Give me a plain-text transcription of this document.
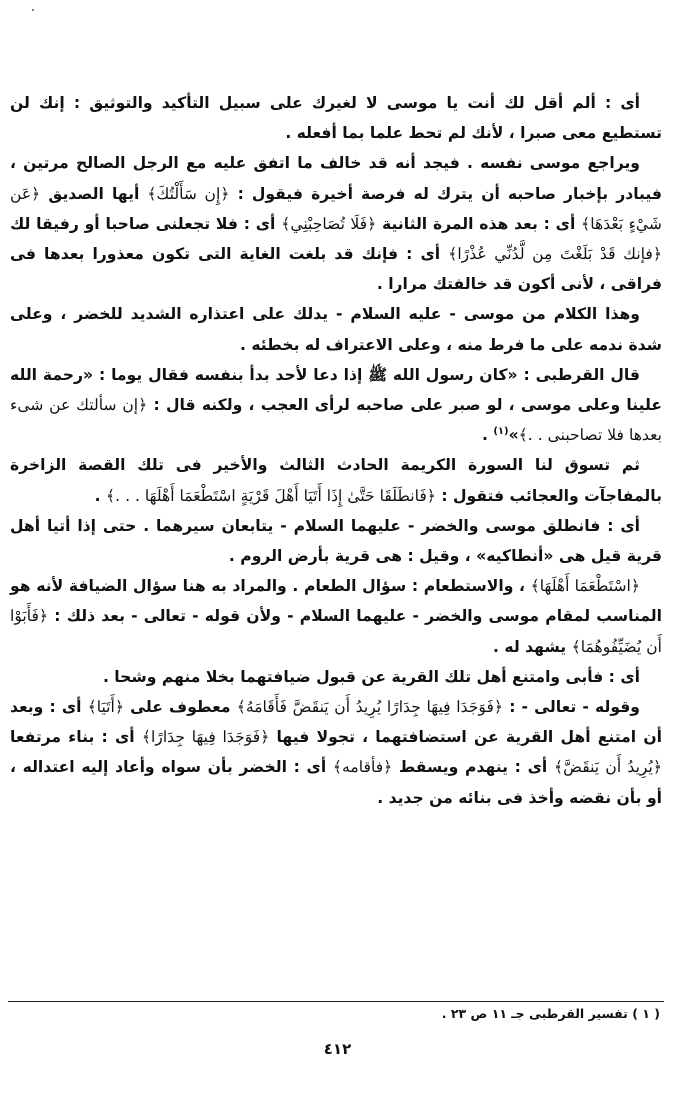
أى : ألم أقل لك أنت يا موسى لا لغيرك على سبيل التأكيد والتوثيق : إنك لن تستطيع معى صبرا ، لأنك لم تحط علما بما أفعله .

ويراجع موسى نفسه . فيجد أنه قد خالف ما اتفق عليه مع الرجل الصالح مرتين ، فيبادر بإخبار صاحبه أن يترك له فرصة أخيرة فيقول : ﴿إِن سَأَلْتُكَ﴾ أيها الصديق ﴿عَن شَيْءٍ بَعْدَهَا﴾ أى : بعد هذه المرة الثانية ﴿فَلَا تُصَاحِبْنِي﴾ أى : فلا تجعلنى صاحبا أو رفيقا لك ﴿فإنك قَدْ بَلَغْتَ مِن لَّدُنِّي عُذْرًا﴾ أى : فإنك قد بلغت الغاية التى تكون معذورا بعدها فى فراقى ، لأنى أكون قد خالفتك مرارا .

وهذا الكلام من موسى - عليه السلام - يدلك على اعتذاره الشديد للخضر ، وعلى شدة ندمه على ما فرط منه ، وعلى الاعتراف له بخطئه .

قال القرطبى : «كان رسول الله ﷺ إذا دعا لأحد بدأ بنفسه فقال يوما : «رحمة الله علينا وعلى موسى ، لو صبر على صاحبه لرأى العجب ، ولكنه قال : ﴿إن سألتك عن شىء بعدها فلا تصاحبنى . .﴾»$^{(١)}$ .

ثم تسوق لنا السورة الكريمة الحادث الثالث والأخير فى تلك القصة الزاخرة بالمفاجآت والعجائب فتقول : ﴿فَانطَلَقَا حَتَّىٰ إِذَا أَتَيَا أَهْلَ قَرْيَةٍ اسْتَطْعَمَا أَهْلَهَا . . .﴾ .

أى : فانطلق موسى والخضر - عليهما السلام - يتابعان سيرهما . حتى إذا أتيا أهل قرية قيل هى «أنطاكيه» ، وقيل : هى قرية بأرض الروم .

﴿اسْتَطْعَمَا أَهْلَهَا﴾ ، والاستطعام : سؤال الطعام . والمراد به هنا سؤال الضيافة لأنه هو المناسب لمقام موسى والخضر - عليهما السلام - ولأن قوله - تعالى - بعد ذلك : ﴿فَأَبَوْا أَن يُضَيِّفُوهُمَا﴾ يشهد له .

أى : فأبى وامتنع أهل تلك القرية عن قبول ضيافتهما بخلا منهم وشحا .

وقوله - تعالى - : ﴿فَوَجَدَا فِيهَا جِدَارًا يُرِيدُ أَن يَنقَضَّ فَأَقَامَهُ﴾ معطوف على ﴿أَتَيَا﴾ أى : وبعد أن امتنع أهل القرية عن استضافتهما ، تجولا فيها ﴿فَوَجَدَا فِيهَا جِدَارًا﴾ أى : بناء مرتفعا ﴿يُرِيدُ أَن يَنقَضَّ﴾ أى : ينهدم ويسقط ﴿فأقامه﴾ أى : الخضر بأن سواه وأعاد إليه اعتداله ، أو بأن نقضه وأخذ فى بنائه من جديد .

( ١ ) تفسير القرطبى جـ ١١ ص ٢٣ .
٤١٢
